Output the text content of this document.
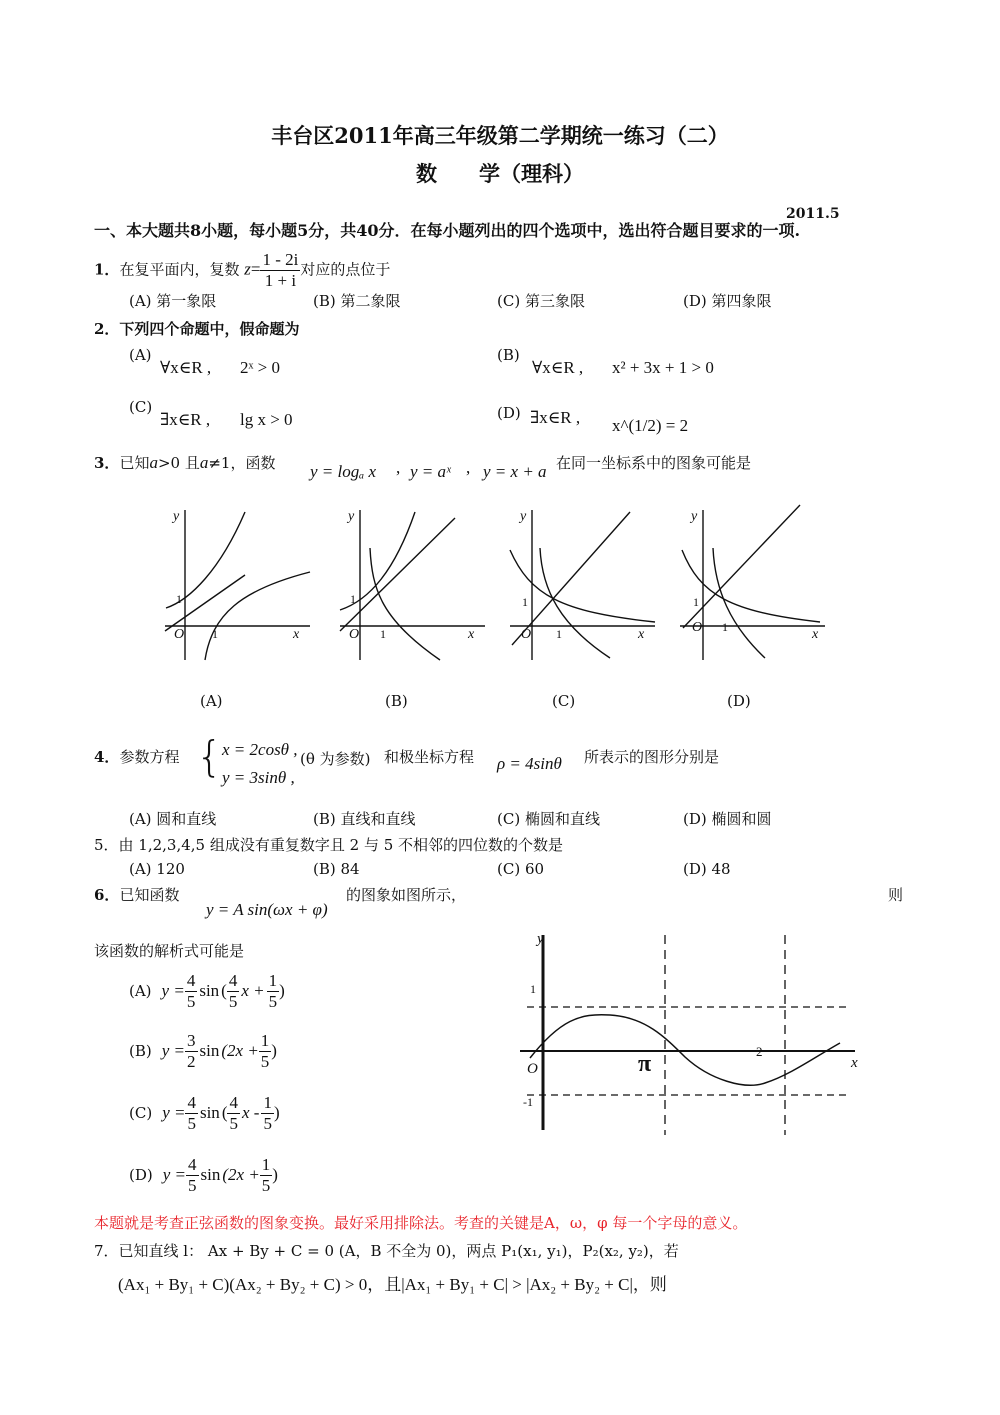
丰台区2011年高三年级第二学期统一练习（二）
数　　学（理科）
2011.5
一、本大题共8小题，每小题5分，共40分．在每小题列出的四个选项中，选出符合题目要求的一项.
1．在复平面内，复数 $z= \frac{1 - 2i}{1 + i}$ 对应的点位于
(A) 第一象限	(B) 第二象限	(C) 第三象限	(D) 第四象限
2．下列四个命题中，假命题为
(A)
∀x∈R , 2ˣ > 0
(B)
∀x∈R , x² + 3x + 1 > 0
(C)
∃x∈R , lg x > 0	(D) ∃x∈R , x^(1/2) = 2
3．已知a>0 且a≠1，函数 y = logₐ x , y = aˣ , y = x + a 在同一坐标系中的图象可能是
y
x
O
1
1
y
x
O
1
1
y
x
O
1
1
y
x
O
1
1
(A)	(B)	(C)	(D)
4．参数方程 { x = 2cosθ ,
y = 3sinθ ,
(θ 为参数) 和极坐标方程 ρ = 4sinθ 所表示的图形分别是
(A) 圆和直线	(B) 直线和直线	(C) 椭圆和直线	(D) 椭圆和圆
5．由 1,2,3,4,5 组成没有重复数字且 2 与 5 不相邻的四位数的个数是
(A) 120	(B) 84	(C) 60	(D) 48
6．已知函数
y = A sin(ωx + φ)
的图象如图所示，	则
该函数的解析式可能是
(A) $y = \frac{4}{5}$ sin ( $\frac{4}{5}$ $x + \frac{1}{5}$ )
(B) $y = \frac{3}{2}$ $\sin (2x + \frac{1}{5}$ )
(C) $y = \frac{4}{5}$ sin ( $\frac{4}{5}$ x - $\frac{1}{5}$ )
(D) $y = \frac{4}{5}$ $\sin (2x + \frac{1}{5}$ )
y
x
O
1
-1
π	2
本题就是考查正弦函数的图象变换。最好采用排除法。考查的关键是A，ω，φ 每一个字母的意义。
7．已知直线 l： Ax + By + C = 0 (A，B 不全为 0)，两点 P₁(x₁, y₁)，P₂(x₂, y₂)，若
(Ax₁ + By₁ + C)(Ax₂ + By₂ + C) > 0，且|Ax₁ + By₁ + C| > |Ax₂ + By₂ + C|，则
